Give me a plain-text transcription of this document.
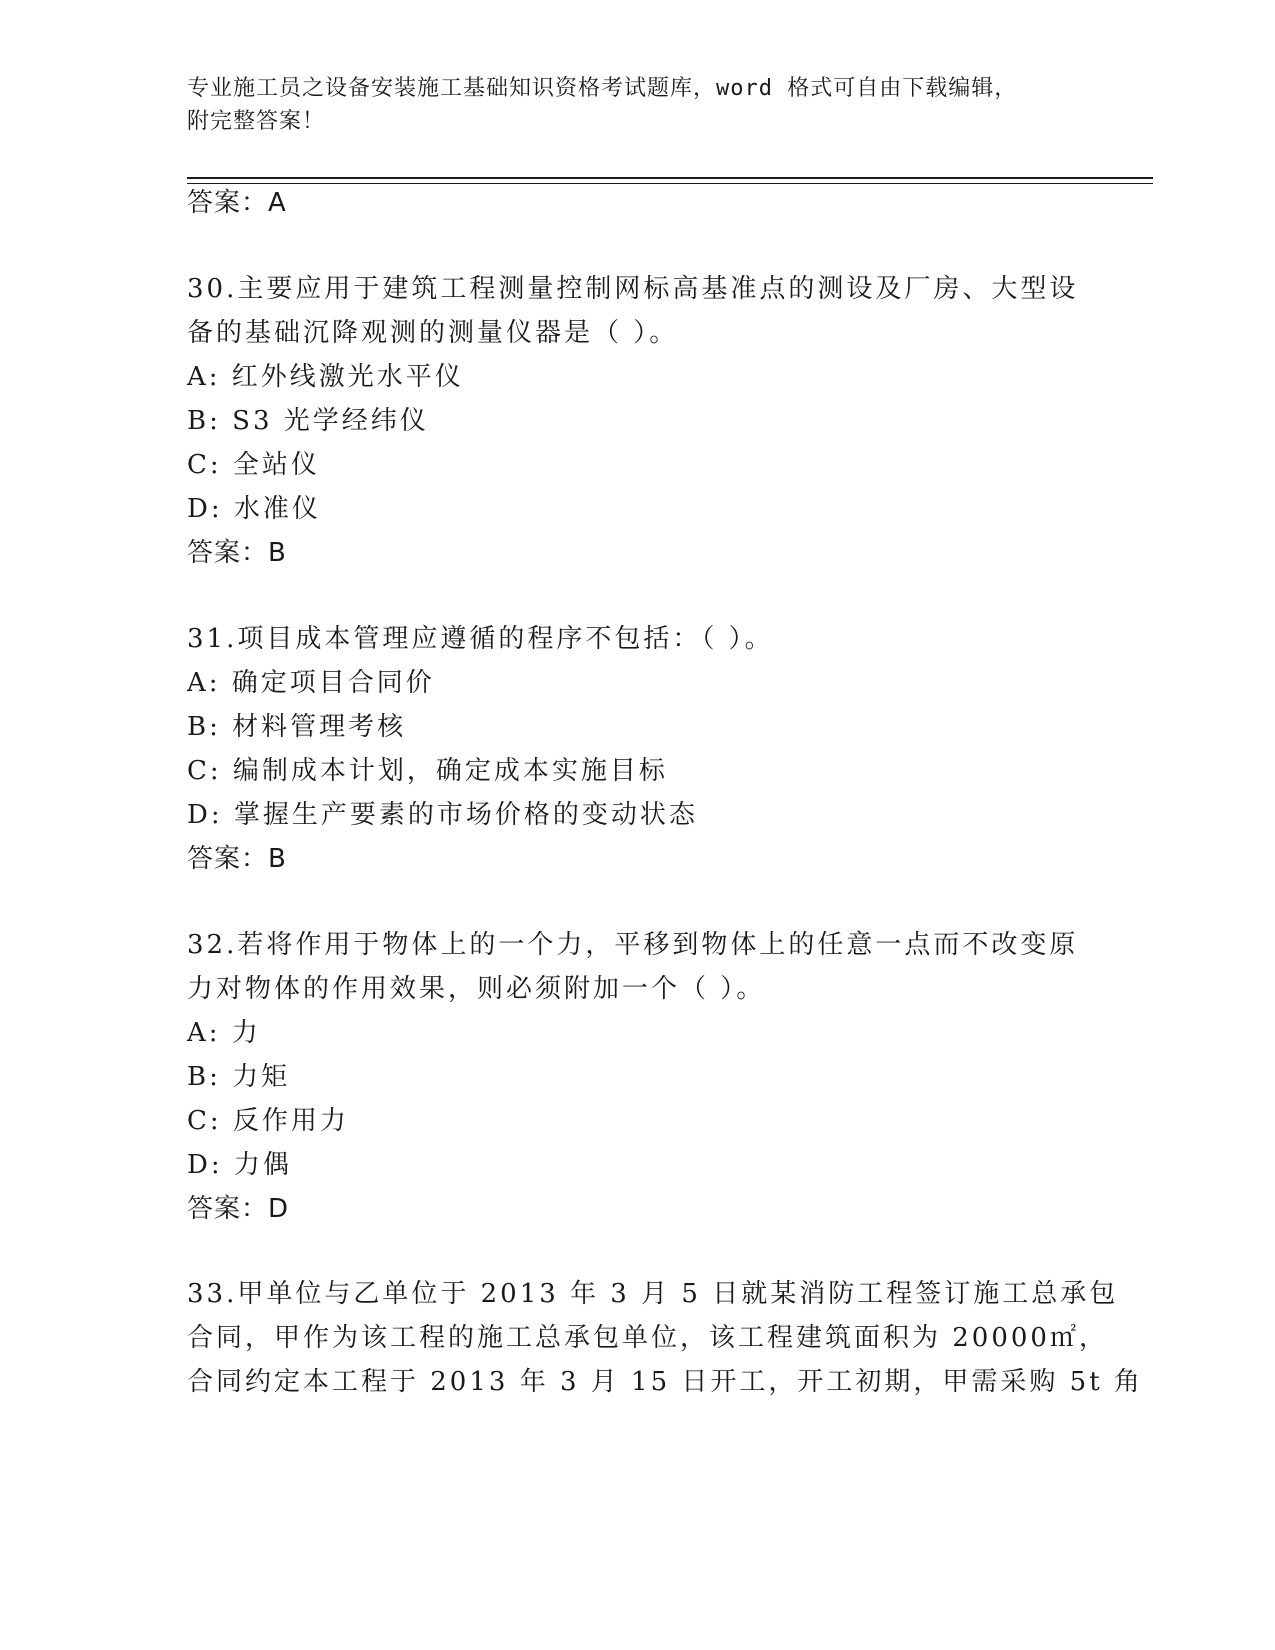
专业施工员之设备安装施工基础知识资格考试题库，word 格式可自由下载编辑，
附完整答案！
答案：A
30.主要应用于建筑工程测量控制网标高基准点的测设及厂房、大型设
备的基础沉降观测的测量仪器是（ ）。
A: 红外线激光水平仪
B: S3 光学经纬仪
C: 全站仪
D: 水准仪
答案：B
31.项目成本管理应遵循的程序不包括：（ ）。
A: 确定项目合同价
B: 材料管理考核
C: 编制成本计划，确定成本实施目标
D: 掌握生产要素的市场价格的变动状态
答案：B
32.若将作用于物体上的一个力，平移到物体上的任意一点而不改变原
力对物体的作用效果，则必须附加一个（ ）。
A: 力
B: 力矩
C: 反作用力
D: 力偶
答案：D
33.甲单位与乙单位于 2013 年 3 月 5 日就某消防工程签订施工总承包
合同，甲作为该工程的施工总承包单位，该工程建筑面积为 20000㎡，
合同约定本工程于 2013 年 3 月 15 日开工，开工初期，甲需采购 5t 角
